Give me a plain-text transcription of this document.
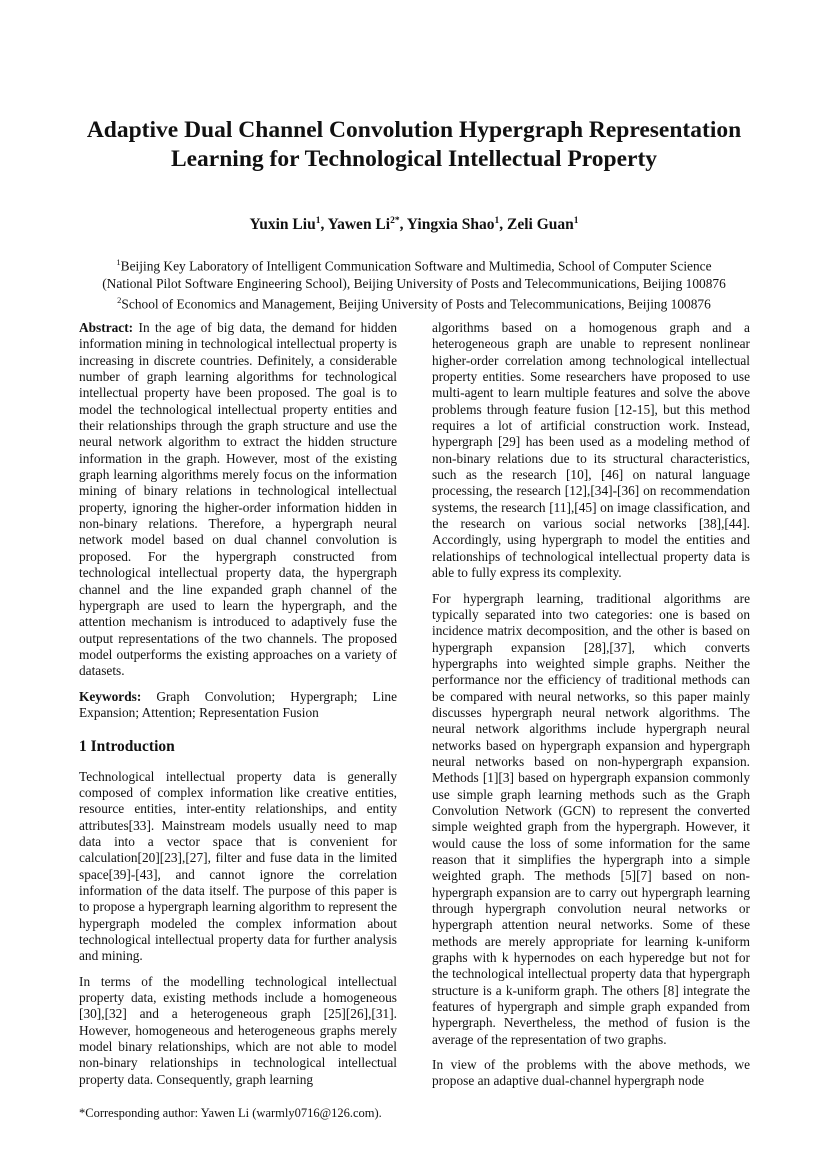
Adaptive Dual Channel Convolution Hypergraph Representation Learning for Technological Intellectual Property
Yuxin Liu$^1$, Yawen $Li^{2*}$, Yingxia Shao$^1$, Zeli Guan$^1$
$^1$Beijing Key Laboratory of Intelligent Communication Software and Multimedia, School of Computer Science
(National Pilot Software Engineering School), Beijing University of Posts and Telecommunications, Beijing 100876
$^2$School of Economics and Management, Beijing University of Posts and Telecommunications, Beijing 100876

Abstract: In the age of big data, the demand for hidden information mining in technological intellectual property is increasing in discrete countries. Definitely, a considerable number of graph learning algorithms for technological intellectual property have been proposed. The goal is to model the technological intellectual property entities and their relationships through the graph structure and use the neural network algorithm to extract the hidden structure information in the graph. However, most of the existing graph learning algorithms merely focus on the information mining of binary relations in technological intellectual property, ignoring the higher-order information hidden in non-binary relations. Therefore, a hypergraph neural network model based on dual channel convolution is proposed. For the hypergraph constructed from technological intellectual property data, the hypergraph channel and the line expanded graph channel of the hypergraph are used to learn the hypergraph, and the attention mechanism is introduced to adaptively fuse the output representations of the two channels. The proposed model outperforms the existing approaches on a variety of datasets.

Keywords: Graph Convolution; Hypergraph; Line Expansion; Attention; Representation Fusion

1 Introduction

Technological intellectual property data is generally composed of complex information like creative entities, resource entities, inter-entity relationships, and entity attributes[33]. Mainstream models usually need to map data into a vector space that is convenient for calculation[20][23],[27], filter and fuse data in the limited space[39]-[43], and cannot ignore the correlation information of the data itself. The purpose of this paper is to propose a hypergraph learning algorithm to represent the hypergraph modeled the complex information about technological intellectual property data for further analysis and mining.

In terms of the modelling technological intellectual property data, existing methods include a homogeneous [30],[32] and a heterogeneous graph [25][26],[31]. However, homogeneous and heterogeneous graphs merely model binary relationships, which are not able to model non-binary relationships in technological intellectual property data. Consequently, graph learning

algorithms based on a homogenous graph and a heterogeneous graph are unable to represent nonlinear higher-order correlation among technological intellectual property entities. Some researchers have proposed to use multi-agent to learn multiple features and solve the above problems through feature fusion [12-15], but this method requires a lot of artificial construction work. Instead, hypergraph [29] has been used as a modeling method of non-binary relations due to its structural characteristics, such as the research [10], [46] on natural language processing, the research [12],[34]-[36] on recommendation systems, the research [11],[45] on image classification, and the research on various social networks [38],[44]. Accordingly, using hypergraph to model the entities and relationships of technological intellectual property data is able to fully express its complexity.

For hypergraph learning, traditional algorithms are typically separated into two categories: one is based on incidence matrix decomposition, and the other is based on hypergraph expansion [28],[37], which converts hypergraphs into weighted simple graphs. Neither the performance nor the efficiency of traditional methods can be compared with neural networks, so this paper mainly discusses hypergraph neural network algorithms. The neural network algorithms include hypergraph neural networks based on hypergraph expansion and hypergraph neural networks based on non-hypergraph expansion. Methods [1][3] based on hypergraph expansion commonly use simple graph learning methods such as the Graph Convolution Network (GCN) to represent the converted simple weighted graph from the hypergraph. However, it would cause the loss of some information for the same reason that it simplifies the hypergraph into a simple weighted graph. The methods [5][7] based on non-hypergraph expansion are to carry out hypergraph learning through hypergraph convolution neural networks or hypergraph attention neural networks. Some of these methods are merely appropriate for learning k-uniform graphs with k hypernodes on each hyperedge but not for the technological intellectual property data that hypergraph structure is a k-uniform graph. The others [8] integrate the features of hypergraph and simple graph expanded from hypergraph. Nevertheless, the method of fusion is the average of the representation of two graphs.

In view of the problems with the above methods, we propose an adaptive dual-channel hypergraph node

*Corresponding author: Yawen Li (warmly0716@126.com).
